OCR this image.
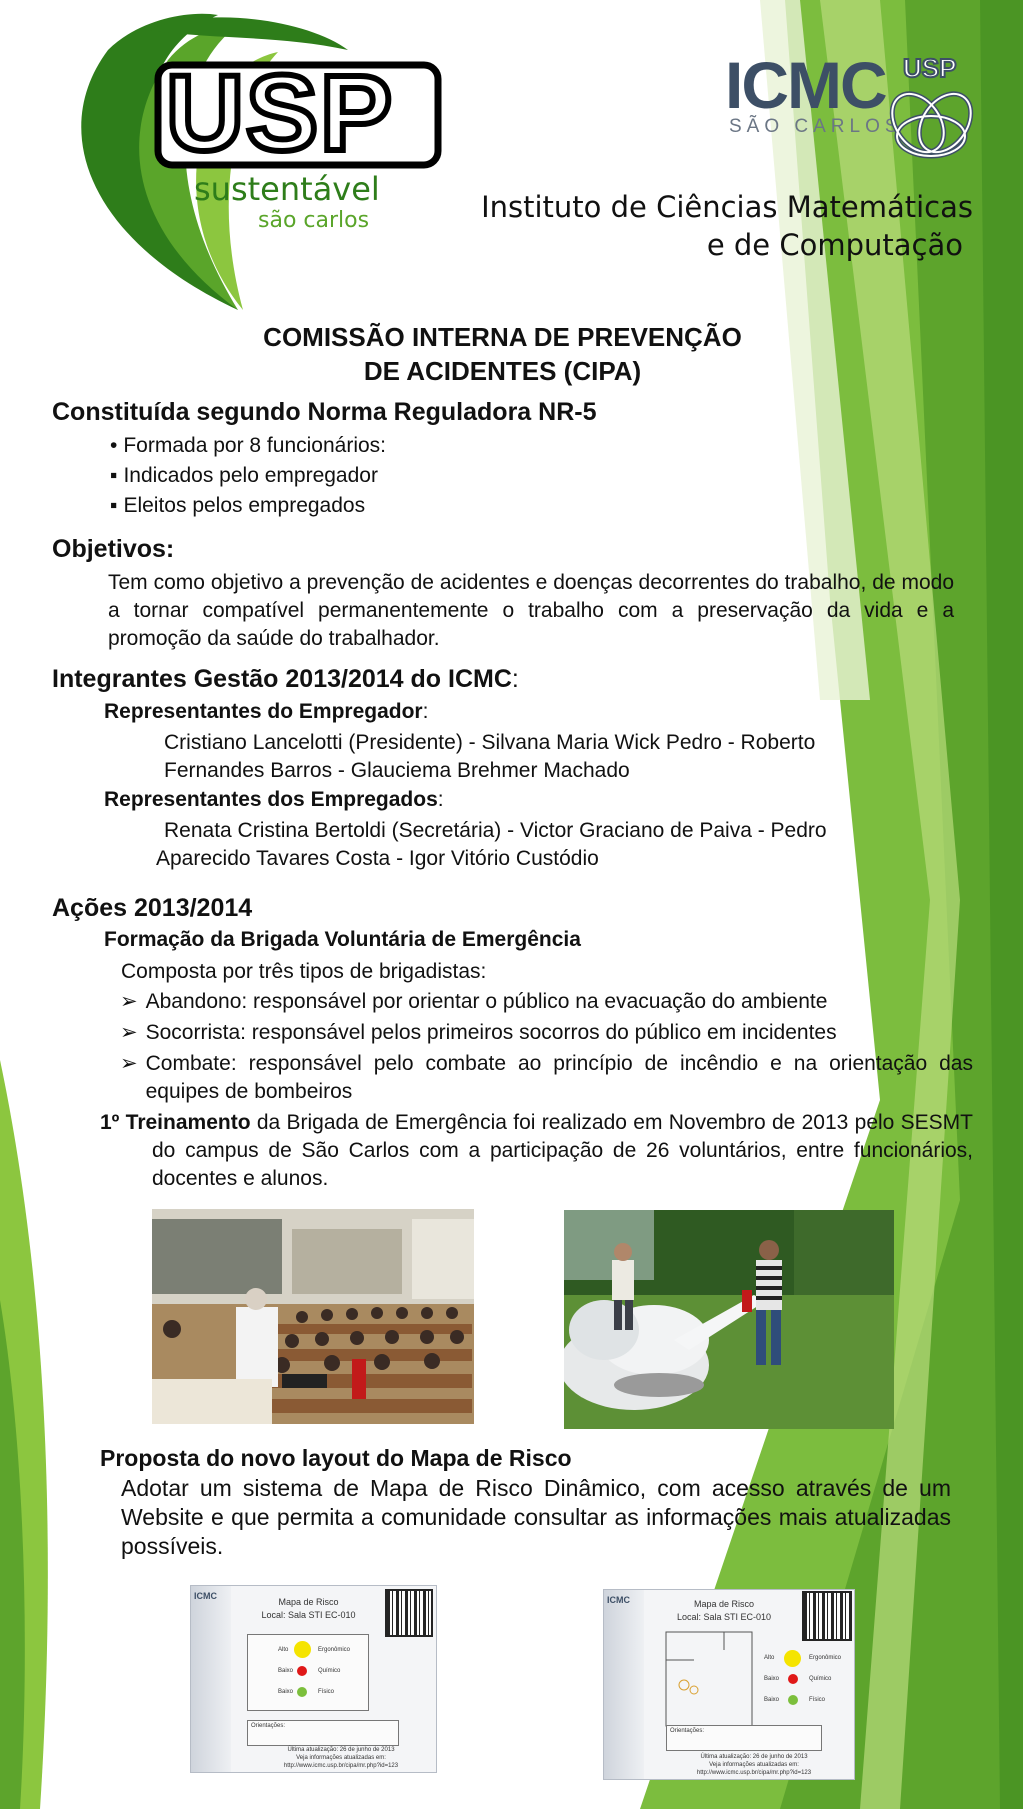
USP
sustentável
são carlos
ICMC
SÃO CARLOS
USP
Instituto de Ciências Matemáticas
e de Computação
COMISSÃO INTERNA DE PREVENÇÃO
DE ACIDENTES (CIPA)
Constituída segundo Norma Reguladora NR-5
• Formada por 8 funcionários:
▪ Indicados pelo empregador
▪ Eleitos pelos empregados
Objetivos:
Tem como objetivo a prevenção de acidentes e doenças decorrentes do trabalho, de modo a tornar compatível permanentemente o trabalho com a preservação da vida e a promoção da saúde do trabalhador.
Integrantes Gestão 2013/2014 do ICMC:
Representantes do Empregador:
Cristiano Lancelotti (Presidente) - Silvana Maria Wick Pedro - Roberto
Fernandes Barros - Glauciema Brehmer Machado
Representantes dos Empregados:
Renata Cristina Bertoldi (Secretária) - Victor Graciano de Paiva - Pedro
Aparecido Tavares Costa - Igor Vitório Custódio
Ações 2013/2014
Formação da Brigada Voluntária de Emergência
Composta por três tipos de brigadistas:
➢ Abandono: responsável por orientar o público na evacuação do ambiente
➢ Socorrista: responsável pelos primeiros socorros do público em incidentes
➢ Combate: responsável pelo combate ao princípio de incêndio e na orientação das equipes de bombeiros
1º Treinamento da Brigada de Emergência foi realizado em Novembro de 2013 pelo SESMT do campus de São Carlos com a participação de 26 voluntários, entre funcionários, docentes e alunos.
Proposta do novo layout do Mapa de Risco
Adotar um sistema de Mapa de Risco Dinâmico, com acesso através de um Website e que permita a comunidade consultar as informações mais atualizadas possíveis.
ICMC
Mapa de Risco
Local: Sala STI EC-010
Alto	Ergonômico
Baixo	Químico
Baixo	Físico
Orientações:
Última atualização: 26 de junho de 2013
Veja informações atualizadas em:
http://www.icmc.usp.br/cipa/mr.php?id=123
ICMC	Mapa de Risco
Local: Sala STI EC-010
Alto	Ergonômico
Baixo	Químico
Baixo	Físico
Orientações:
Última atualização: 26 de junho de 2013
Veja informações atualizadas em:
http://www.icmc.usp.br/cipa/mr.php?id=123
